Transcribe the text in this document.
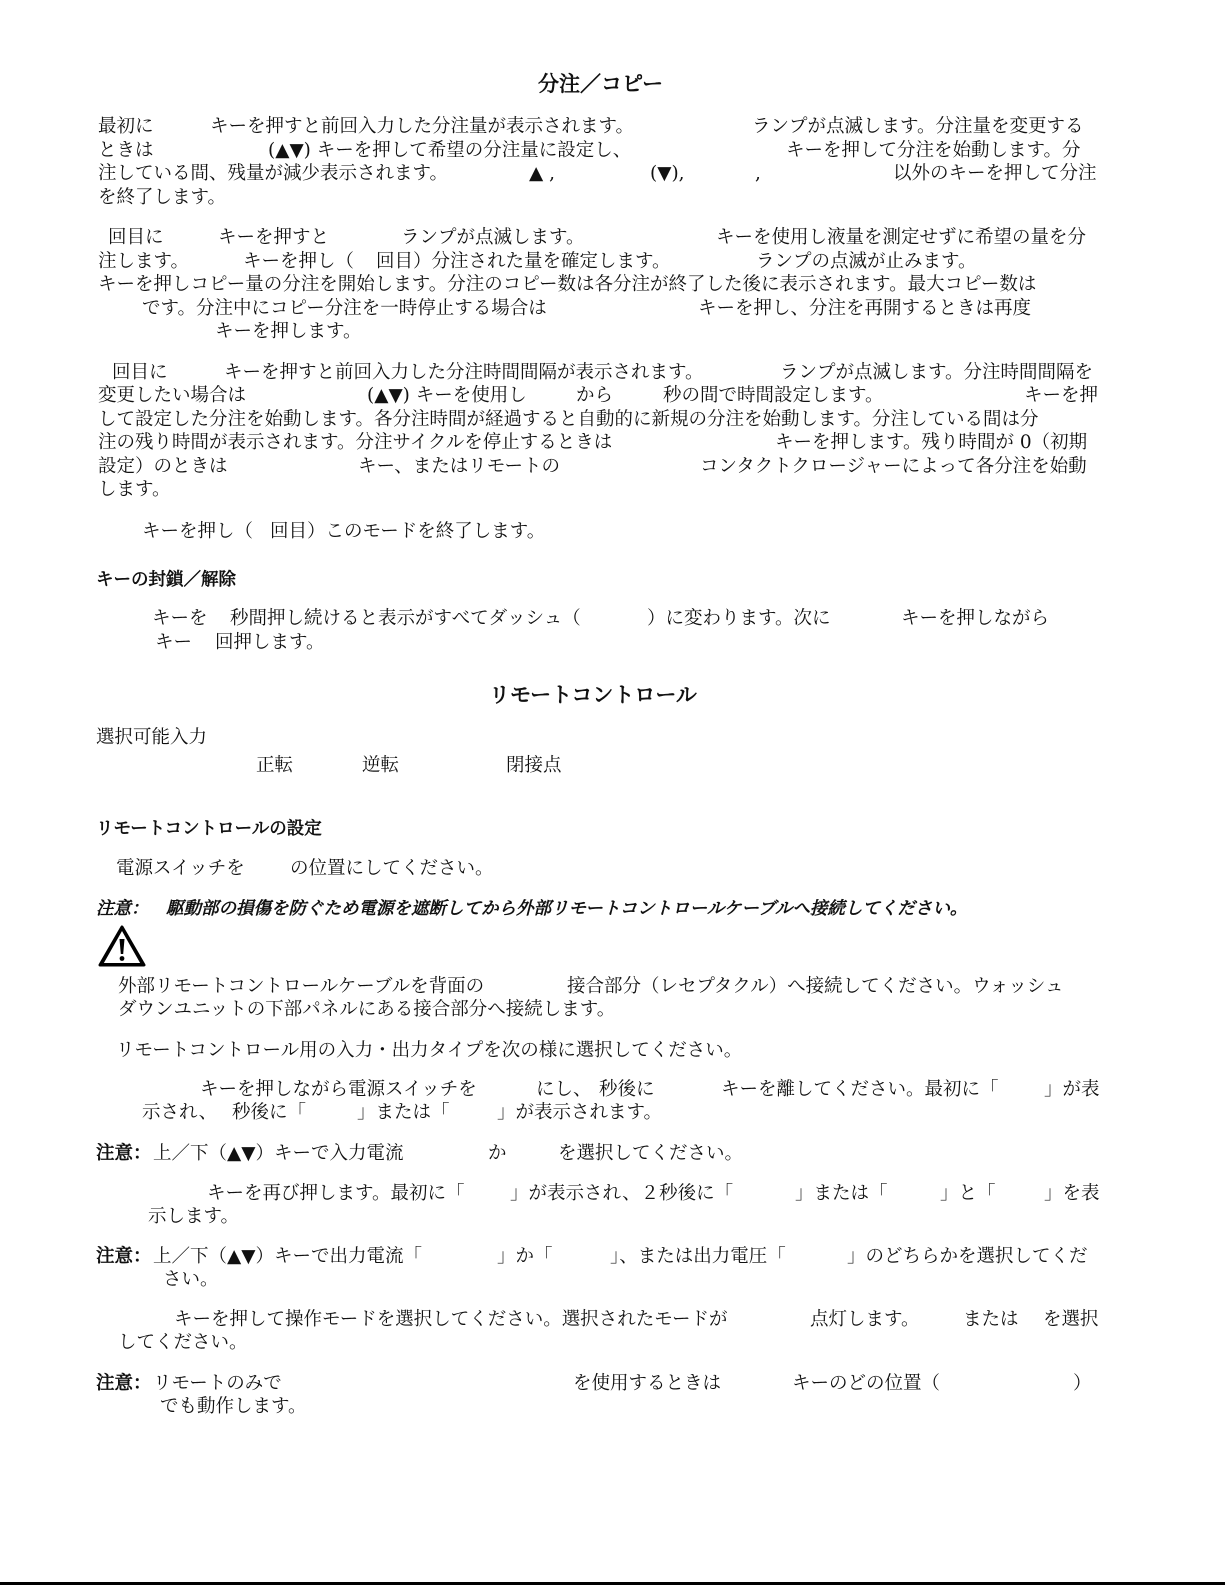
分注／コピー
最初に	キーを押すと前回入力した分注量が表示されます。	ランプが点滅します。分注量を変更する
ときは	(▲▼) キーを押して希望の分注量に設定し、	キーを押して分注を始動します。分
注している間、残量が減少表示されます。	▲ ,	(▼),	,	以外のキーを押して分注
を終了します。
回目に	キーを押すと	ランプが点滅します。	キーを使用し液量を測定せずに希望の量を分
注します。	キーを押し（ 回目）分注された量を確定します。	ランプの点滅が止みます。
キーを押しコピー量の分注を開始します。分注のコピー数は各分注が終了した後に表示されます。最大コピー数は
です。分注中にコピー分注を一時停止する場合は	キーを押し、分注を再開するときは再度
キーを押します。
回目に	キーを押すと前回入力した分注時間間隔が表示されます。	ランプが点滅します。分注時間間隔を
変更したい場合は	(▲▼) キーを使用し	から	秒の間で時間設定します。	キーを押
して設定した分注を始動します。各分注時間が経過すると自動的に新規の分注を始動します。分注している間は分
注の残り時間が表示されます。分注サイクルを停止するときは	キーを押します。残り時間が 0（初期
設定）のときは	キー、またはリモートの	コンタクトクロージャーによって各分注を始動
します。
キーを押し（ 回目）このモードを終了します。
キーの封鎖／解除
キーを 秒間押し続けると表示がすべてダッシュ（	）に変わります。次に	キーを押しながら
キー 回押します。
リモートコントロール
選択可能入力
正転	逆転	閉接点
リモートコントロールの設定
電源スイッチを の位置にしてください。
注意： 駆動部の損傷を防ぐため電源を遮断してから外部リモートコントロールケーブルへ接続してください。
外部リモートコントロールケーブルを背面の	接合部分（レセプタクル）へ接続してください。ウォッシュ
ダウンユニットの下部パネルにある接合部分へ接続します。
リモートコントロール用の入力・出力タイプを次の様に選択してください。
キーを押しながら電源スイッチを	にし、 秒後に	キーを離してください。最初に「 」が表
示され、 秒後に「	」または「	」が表示されます。
注意： 上／下（▲▼）キーで入力電流	か	を選択してください。
キーを再び押します。最初に「 」が表示され、２秒後に「	」または「	」と「	」を表
示します。
注意： 上／下（▲▼）キーで出力電流「	」か「	」、または出力電圧「	」のどちらかを選択してくだ
さい。
キーを押して操作モードを選択してください。選択されたモードが	点灯します。 または を選択
してください。
注意： リモートのみで	を使用するときは	キーのどの位置（	）
でも動作します。
